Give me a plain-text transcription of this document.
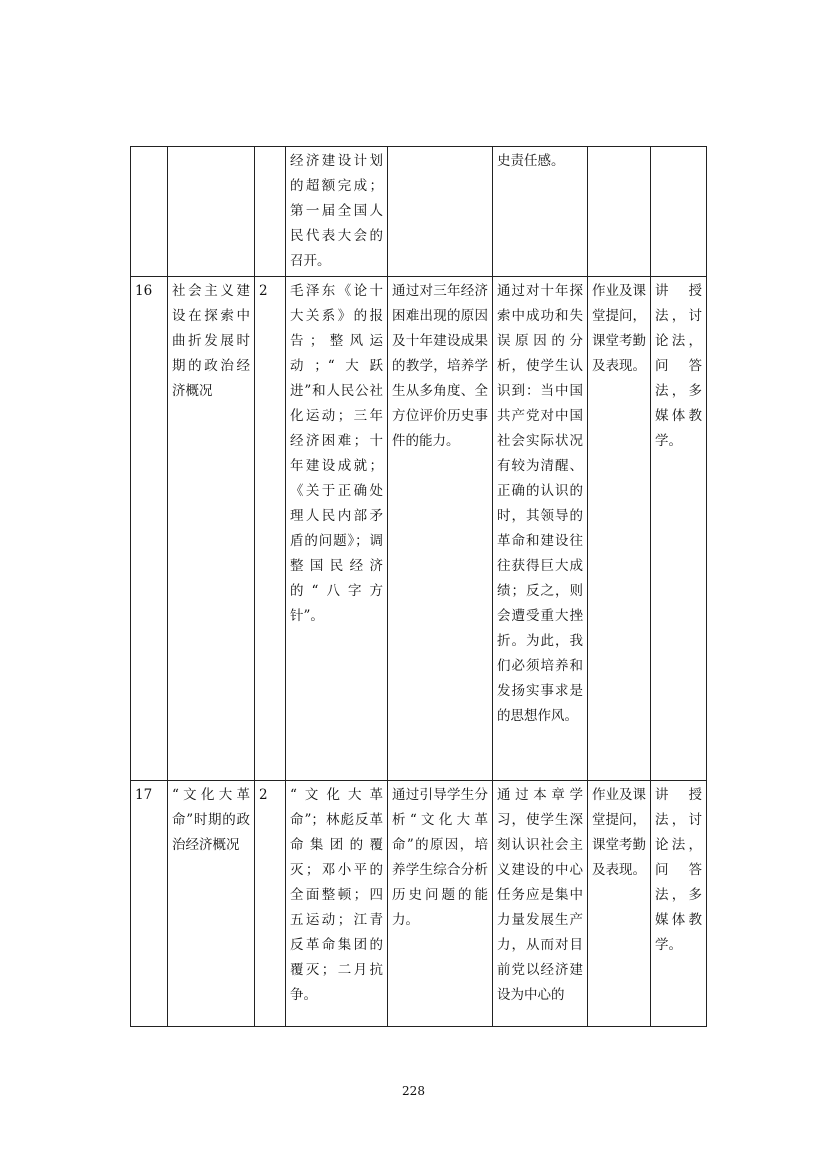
			经济建设计划的超额完成；第一届全国人民代表大会的召开。		史责任感。		
16	社会主义建设在探索中曲折发展时期的政治经济概况	2	毛泽东《论十大关系》的报告；整风运动；“大跃进”和人民公社化运动；三年经济困难；十年建设成就；《关于正确处理人民内部矛盾的问题》；调整国民经济的“八字方针”。	通过对三年经济困难出现的原因及十年建设成果的教学，培养学生从多角度、全方位评价历史事件的能力。	通过对十年探索中成功和失误原因的分析，使学生认识到：当中国共产党对中国社会实际状况有较为清醒、正确的认识的时，其领导的革命和建设往往获得巨大成绩；反之，则会遭受重大挫折。为此，我们必须培养和发扬实事求是的思想作风。	作业及课堂提问，课堂考勤及表现。	讲授法，讨论法，问答法，多媒体教学。
17	“文化大革命”时期的政治经济概况	2	“文化大革命”；林彪反革命集团的覆灭；邓小平的全面整顿；四五运动；江青反革命集团的覆灭；二月抗争。	通过引导学生分析“文化大革命”的原因，培养学生综合分析历史问题的能力。	通过本章学习，使学生深刻认识社会主义建设的中心任务应是集中力量发展生产力，从而对目前党以经济建设为中心的	作业及课堂提问，课堂考勤及表现。	讲授法，讨论法，问答法，多媒体教学。
228
